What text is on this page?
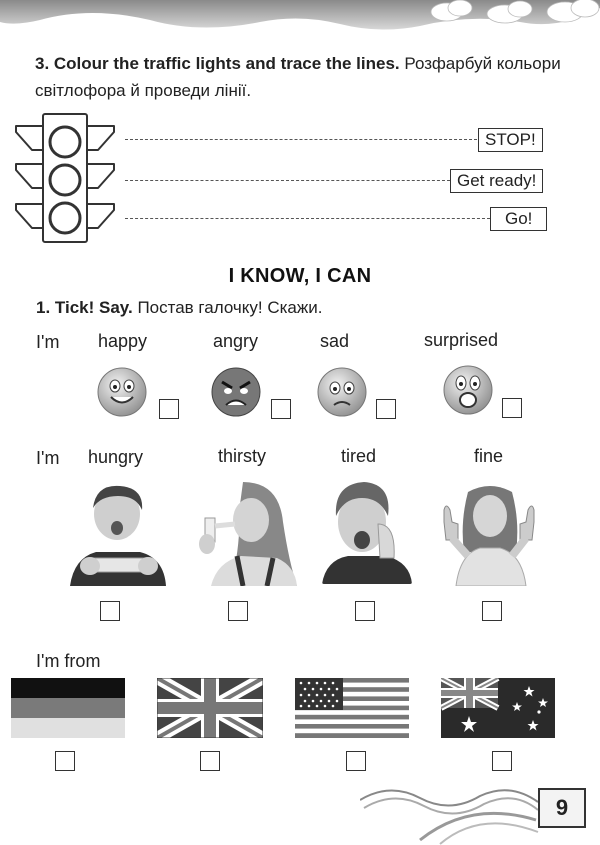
3. Colour the traffic lights and trace the lines. Розфарбуй кольори світлофора й проведи лінії.
STOP!
Get ready!
Go!
I KNOW, I CAN
1. Tick! Say. Постав галочку! Скажи.
I'm happy	angry	sad	surprised
I'm hungry	thirsty	tired	fine
I'm from
9
